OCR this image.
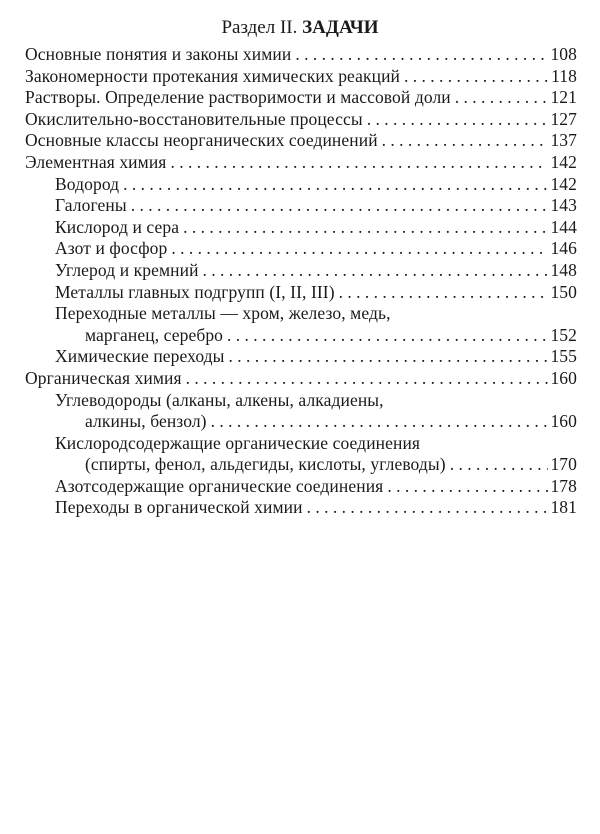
Раздел II. ЗАДАЧИ
Основные понятия и законы химии . . .	108
Закономерности протекания химических реакций . . .	118
Растворы. Определение растворимости и массовой доли . . .	121
Окислительно-восстановительные процессы . . .	127
Основные классы неорганических соединений . . .	137
Элементная химия . . .	142
Водород . . .	142
Галогены . . .	143
Кислород и сера . . .	144
Азот и фосфор . . .	146
Углерод и кремний . . .	148
Металлы главных подгрупп (I, II, III) . . .	150
Переходные металлы — хром, железо, медь,
марганец, серебро . . .	152
Химические переходы . . .	155
Органическая химия . . .	160
Углеводороды (алканы, алкены, алкадиены,
алкины, бензол) . . .	160
Кислородсодержащие органические соединения
(спирты, фенол, альдегиды, кислоты, углеводы) . . .	170
Азотсодержащие органические соединения . . .	178
Переходы в органической химии . . .	181
